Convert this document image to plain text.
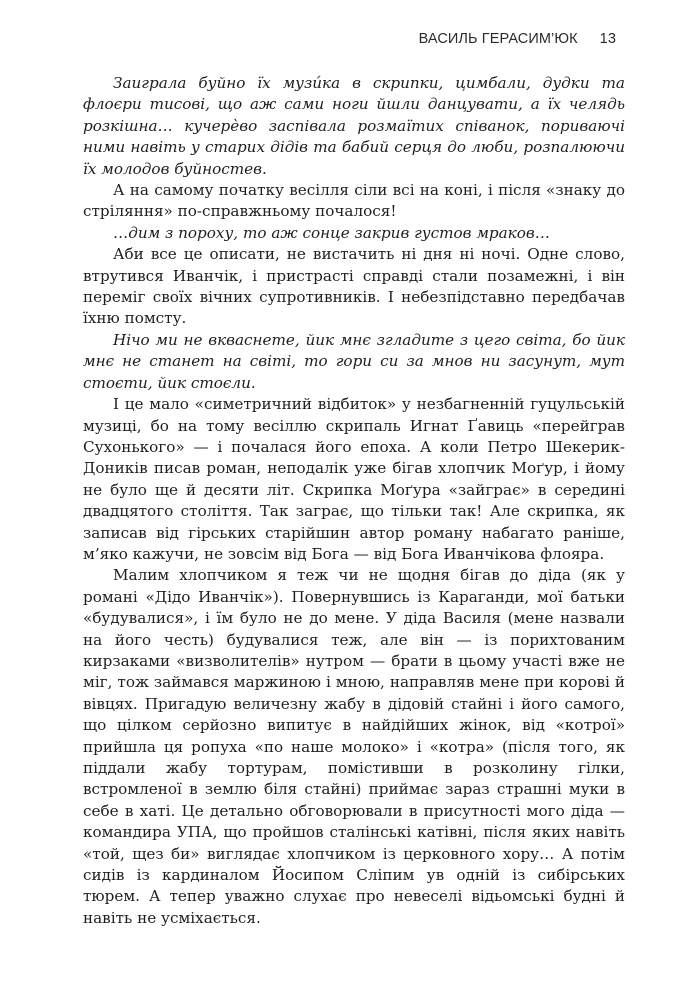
ВАСИЛЬ ГЕРАСИМ’ЮК 13

Заиграла буйно їх музи́ка в скрипки, цимбали, дудки та флоєри тисові, що аж сами ноги йшли данцувати, а їх челядь розкішна… кучерѐво заспівала розмаїтих співанок, пориваючі ними навіть у старих дідів та бабий серця до люби, розпалюючи їх молодов буйностев.

А на самому початку весілля сіли всі на коні, і після «знаку до стріляння» по-справжньому почалося!

…дим з пороху, то аж сонце закрив густов мраков…

Аби все це описати, не вистачить ні дня ні ночі. Одне слово, втрутився Иванчік, і пристрасті справді стали позамежні, і він переміг своїх вічних супротивників. І небезпідставно передбачав їхню помсту.

Нічо ми не вкваснете, йик мнє згладите з цего світа, бо йик мнє не станет на світі, то гори си за мнов ни засунут, мут стоєти, йик стоєли.

І це мало «симетричний відбиток» у незбагненній гуцульській музиці, бо на тому весіллю скрипаль Игнат Ґавиць «перейграв Сухонького» — і почалася його епоха. А коли Петро Шекерик-Доників писав роман, неподалік уже бігав хлопчик Моґур, і йому не було ще й десяти літ. Скрипка Моґура «зайграє» в середині двадцятого століття. Так заграє, що тільки так! Але скрипка, як записав від гірських старійшин автор роману набагато раніше, м’яко кажучи, не зовсім від Бога — від Бога Иванчікова флояра.

Малим хлопчиком я теж чи не щодня бігав до діда (як у романі «Дідо Иванчік»). Повернувшись із Караганди, мої батьки «будувалися», і їм було не до мене. У діда Василя (мене назвали на його честь) будувалися теж, але він — із порихтованим кирзаками «визволителів» нутром — брати в цьому участі вже не міг, тож займався маржиною і мною, направляв мене при корові й вівцях. Пригадую величезну жабу в дідовій стайні і його самого, що цілком серйозно випитує в найдійших жінок, від «котрої» прийшла ця ропуха «по наше молоко» і «котра» (після того, як піддали жабу тортурам, помістивши в розколину гілки, встромленої в землю біля стайні) приймає зараз страшні муки в себе в хаті. Це детально обговорювали в присутності мого діда — командира УПА, що пройшов сталінські катівні, після яких навіть «той, щез би» виглядає хлопчиком із церковного хору… А потім сидів із кардиналом Йосипом Сліпим ув одній із сибірських тюрем. А тепер уважно слухає про невеселі відьомські будні й навіть не усміхається.
